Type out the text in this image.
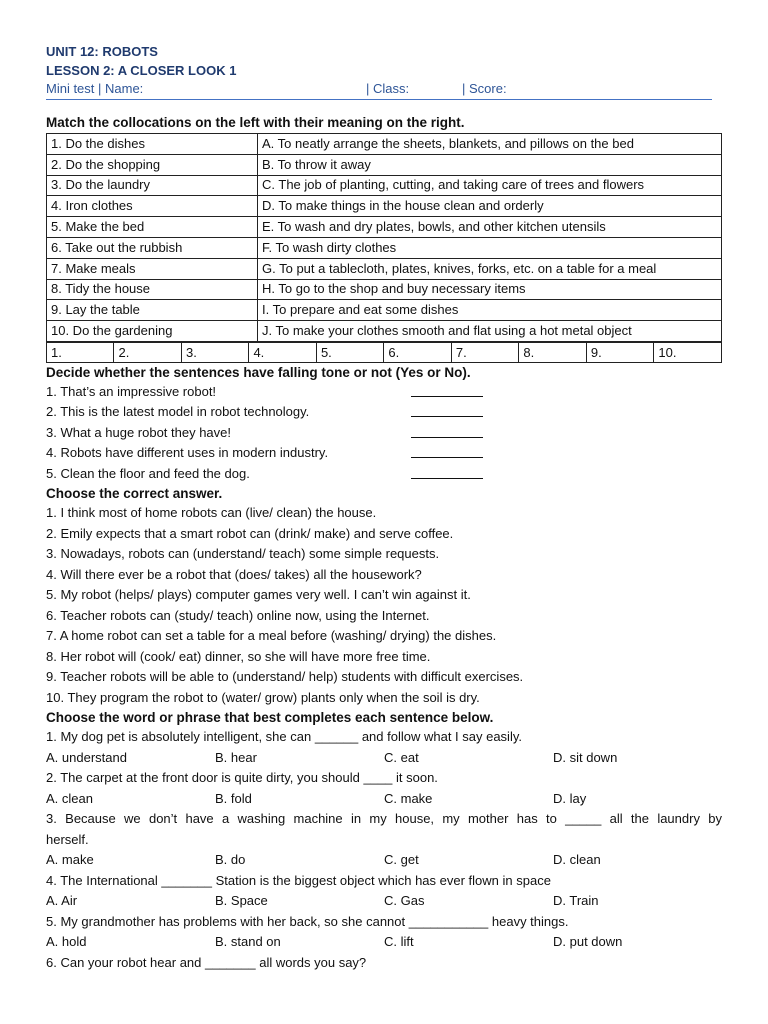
UNIT 12: ROBOTS
LESSON 2: A CLOSER LOOK 1
Mini test | Name:	| Class:	| Score:
Match the collocations on the left with their meaning on the right.
1. Do the dishes	A. To neatly arrange the sheets, blankets, and pillows on the bed
2. Do the shopping	B. To throw it away
3. Do the laundry	C. The job of planting, cutting, and taking care of trees and flowers
4. Iron clothes	D. To make things in the house clean and orderly
5. Make the bed	E. To wash and dry plates, bowls, and other kitchen utensils
6. Take out the rubbish	F. To wash dirty clothes
7. Make meals	G. To put a tablecloth, plates, knives, forks, etc. on a table for a meal
8. Tidy the house	H. To go to the shop and buy necessary items
9. Lay the table	I. To prepare and eat some dishes
10. Do the gardening	J. To make your clothes smooth and flat using a hot metal object
1.	2.	3.	4.	5.	6.	7.	8.	9.	10.
Decide whether the sentences have falling tone or not (Yes or No).
1. That’s an impressive robot!
2. This is the latest model in robot technology.
3. What a huge robot they have!
4. Robots have different uses in modern industry.
5. Clean the floor and feed the dog.
Choose the correct answer.
1. I think most of home robots can (live/ clean) the house.
2. Emily expects that a smart robot can (drink/ make) and serve coffee.
3. Nowadays, robots can (understand/ teach) some simple requests.
4. Will there ever be a robot that (does/ takes) all the housework?
5. My robot (helps/ plays) computer games very well. I can’t win against it.
6. Teacher robots can (study/ teach) online now, using the Internet.
7. A home robot can set a table for a meal before (washing/ drying) the dishes.
8. Her robot will (cook/ eat) dinner, so she will have more free time.
9. Teacher robots will be able to (understand/ help) students with difficult exercises.
10. They program the robot to (water/ grow) plants only when the soil is dry.
Choose the word or phrase that best completes each sentence below.
1. My dog pet is absolutely intelligent, she can ______ and follow what I say easily.
A. understand	B. hear	C. eat	D. sit down
2. The carpet at the front door is quite dirty, you should ____ it soon.
A. clean	B. fold	C. make	D. lay
3. Because we don’t have a washing machine in my house, my mother has to _____ all the laundry by
herself.
A. make	B. do	C. get	D. clean
4. The International _______ Station is the biggest object which has ever flown in space
A. Air	B. Space	C. Gas	D. Train
5. My grandmother has problems with her back, so she cannot ___________ heavy things.
A. hold	B. stand on	C. lift	D. put down
6. Can your robot hear and _______ all words you say?
